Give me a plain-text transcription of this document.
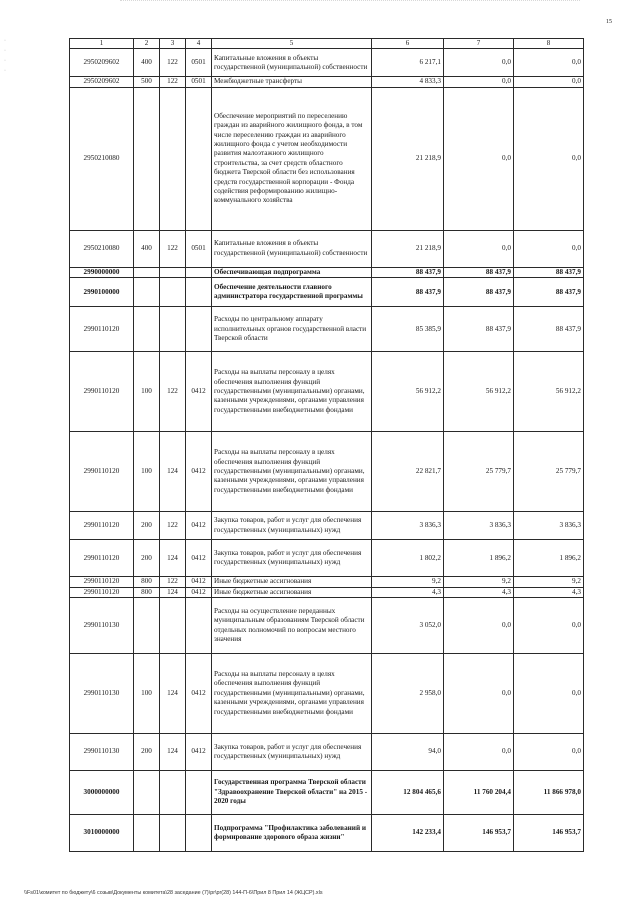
·
·
·
·
15
1	2	3	4	5	6	7	8
2950209602	400	122	0501	Капитальные вложения в объекты государственной (муниципальной) собственности	6 217,1	0,0	0,0
2950209602	500	122	0501	Межбюджетные трансферты	4 833,3	0,0	0,0
2950210080				Обеспечение мероприятий по переселению граждан из аварийного жилищного фонда, в том числе переселению граждан из аварийного жилищного фонда с учетом необходимости развития малоэтажного жилищного строительства, за счет средств областного бюджета Тверской области без использования средств государственной корпорации - Фонда содействия реформированию жилищно-коммунального хозяйства	21 218,9	0,0	0,0
2950210080	400	122	0501	Капитальные вложения в объекты государственной (муниципальной) собственности	21 218,9	0,0	0,0
2990000000				Обеспечивающая подпрограмма	88 437,9	88 437,9	88 437,9
2990100000				Обеспечение деятельности главного администратора государственной программы	88 437,9	88 437,9	88 437,9
2990110120				Расходы по центральному аппарату исполнительных органов государственной власти Тверской области	85 385,9	88 437,9	88 437,9
2990110120	100	122	0412	Расходы на выплаты персоналу в целях обеспечения выполнения функций государственными (муниципальными) органами, казенными учреждениями, органами управления государственными внебюджетными фондами	56 912,2	56 912,2	56 912,2
2990110120	100	124	0412	Расходы на выплаты персоналу в целях обеспечения выполнения функций государственными (муниципальными) органами, казенными учреждениями, органами управления государственными внебюджетными фондами	22 821,7	25 779,7	25 779,7
2990110120	200	122	0412	Закупка товаров, работ и услуг для обеспечения государственных (муниципальных) нужд	3 836,3	3 836,3	3 836,3
2990110120	200	124	0412	Закупка товаров, работ и услуг для обеспечения государственных (муниципальных) нужд	1 802,2	1 896,2	1 896,2
2990110120	800	122	0412	Иные бюджетные ассигнования	9,2	9,2	9,2
2990110120	800	124	0412	Иные бюджетные ассигнования	4,3	4,3	4,3
2990110130				Расходы на осуществление переданных муниципальным образованиям Тверской области отдельных полномочий по вопросам местного значения	3 052,0	0,0	0,0
2990110130	100	124	0412	Расходы на выплаты персоналу в целях обеспечения выполнения функций государственными (муниципальными) органами, казенными учреждениями, органами управления государственными внебюджетными фондами	2 958,0	0,0	0,0
2990110130	200	124	0412	Закупка товаров, работ и услуг для обеспечения государственных (муниципальных) нужд	94,0	0,0	0,0
3000000000				Государственная программа Тверской области "Здравоохранение Тверской области" на 2015 - 2020 годы	12 804 465,6	11 760 204,4	11 866 978,0
3010000000				Подпрограмма "Профилактика заболеваний и формирование здорового образа жизни"	142 233,4	146 953,7	146 953,7
\\Fs01\комитет по бюджету\6 созыв\Документы комитета\28 заседание (7)\pr\pr(28) 144-П-6\Прил 8 Прил 14 (ЖЦСР).xls
